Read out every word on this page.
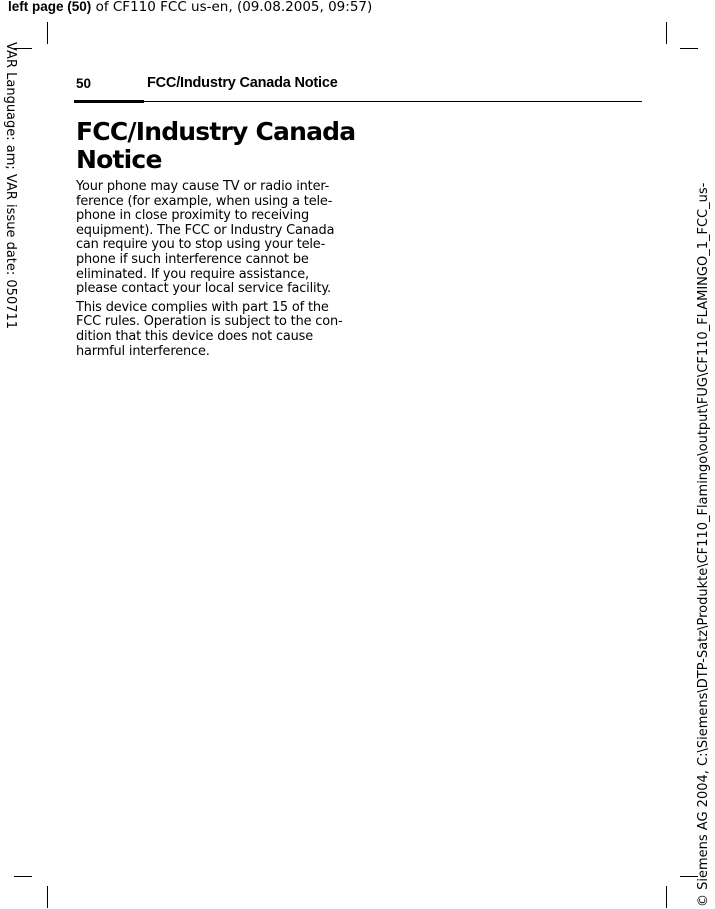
left page (50) of CF110 FCC us-en, (09.08.2005, 09:57)
VAR Language: am; VAR issue date: 050711	© Siemens AG 2004, C:\Siemens\DTP-Satz\Produkte\CF110_Flamingo\output\FUG\CF110_FLAMINGO_1_FCC_us-
50	FCC/Industry Canada Notice
FCC/Industry Canada
Notice

Your phone may cause TV or radio inter-
ference (for example, when using a tele-
phone in close proximity to receiving
equipment). The FCC or Industry Canada
can require you to stop using your tele-
phone if such interference cannot be
eliminated. If you require assistance,
please contact your local service facility.

This device complies with part 15 of the
FCC rules. Operation is subject to the con-
dition that this device does not cause
harmful interference.
